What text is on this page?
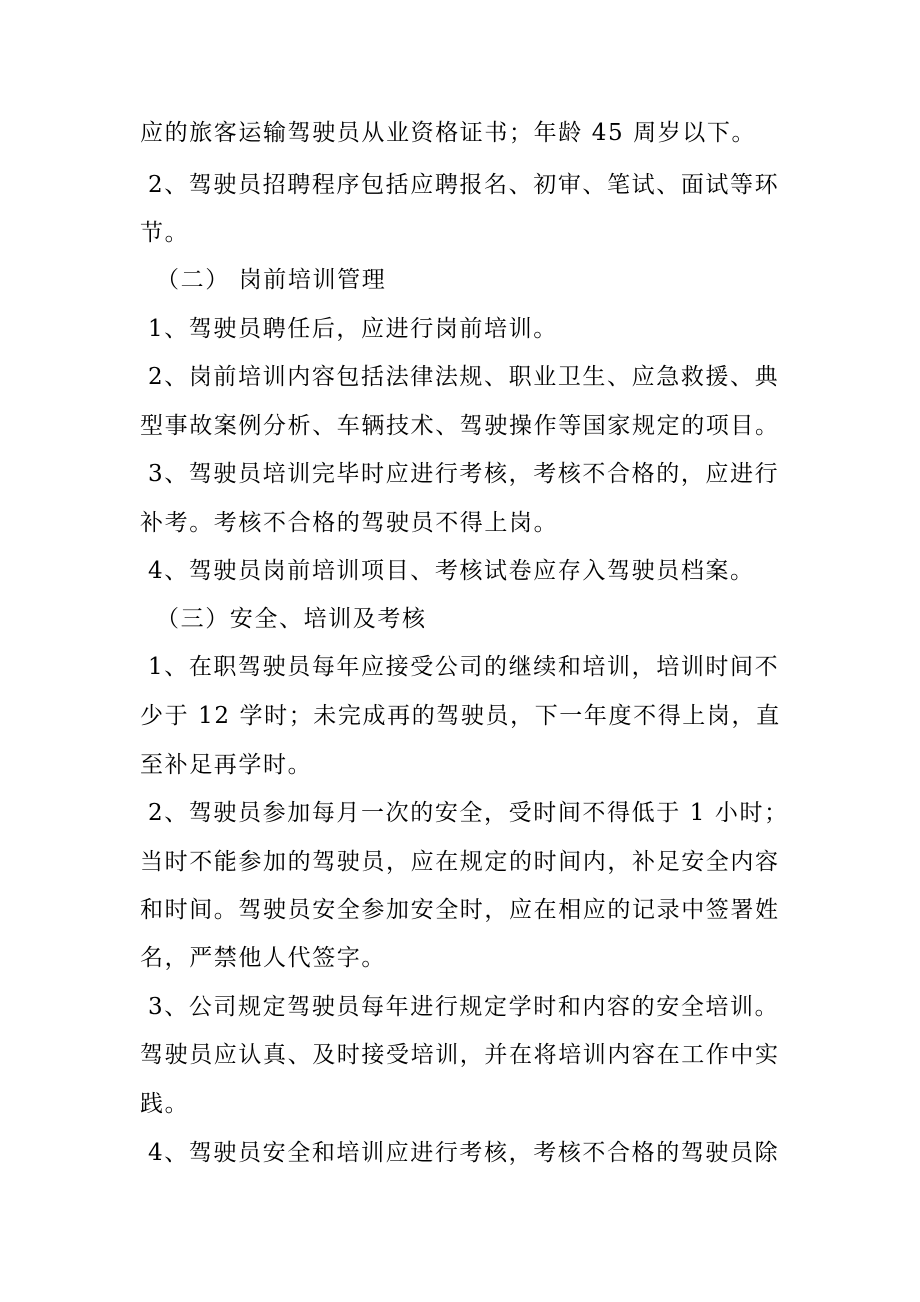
应的旅客运输驾驶员从业资格证书；年龄 45 周岁以下。
2、驾驶员招聘程序包括应聘报名、初审、笔试、面试等环
节。
（二） 岗前培训管理
1、驾驶员聘任后，应进行岗前培训。
2、岗前培训内容包括法律法规、职业卫生、应急救援、典
型事故案例分析、车辆技术、驾驶操作等国家规定的项目。
3、驾驶员培训完毕时应进行考核，考核不合格的，应进行
补考。考核不合格的驾驶员不得上岗。
4、驾驶员岗前培训项目、考核试卷应存入驾驶员档案。
（三）安全、培训及考核
1、在职驾驶员每年应接受公司的继续和培训，培训时间不
少于 12 学时；未完成再的驾驶员，下一年度不得上岗，直
至补足再学时。
2、驾驶员参加每月一次的安全，受时间不得低于 1 小时；
当时不能参加的驾驶员，应在规定的时间内，补足安全内容
和时间。驾驶员安全参加安全时，应在相应的记录中签署姓
名，严禁他人代签字。
3、公司规定驾驶员每年进行规定学时和内容的安全培训。
驾驶员应认真、及时接受培训，并在将培训内容在工作中实
践。
4、驾驶员安全和培训应进行考核，考核不合格的驾驶员除
